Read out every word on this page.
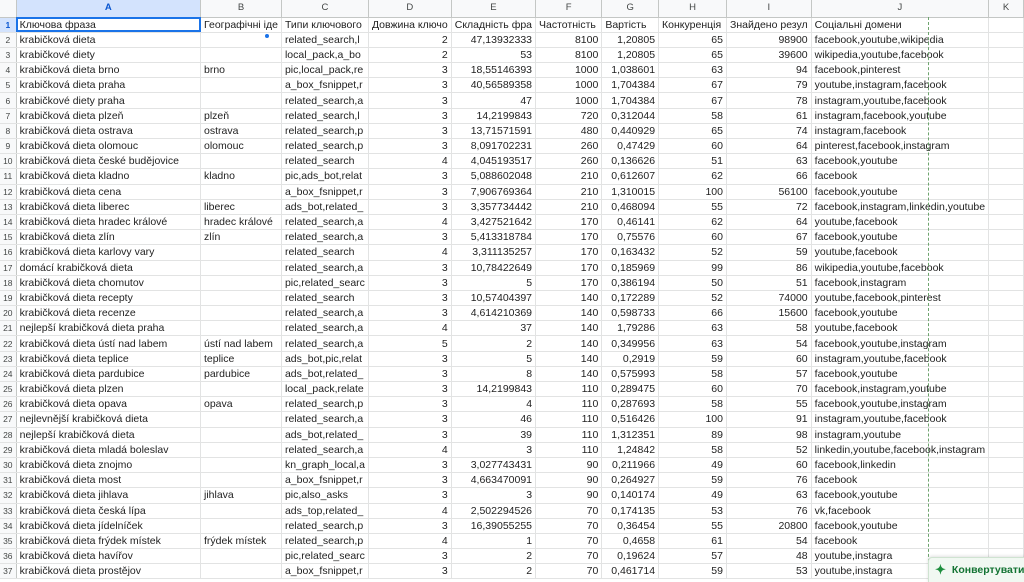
	A	B	C	D	E	F	G	H	I	J	K
1	Ключова фраза	Географічні іде	Типи ключового	Довжина ключо	Складність фра	Частотність	Вартість	Конкуренція	Знайдено резул	Соціальні домени	
2	krabičková dieta		related_search,l	2	47,13932333	8100	1,20805	65	98900	facebook,youtube,wikipedia	
3	krabičkové diety		local_pack,a_bo	2	53	8100	1,20805	65	39600	wikipedia,youtube,facebook	
4	krabičková dieta brno	brno	pic,local_pack,re	3	18,55146393	1000	1,038601	63	94	facebook,pinterest	
5	krabičková dieta praha		a_box_fsnippet,r	3	40,56589358	1000	1,704384	67	79	youtube,instagram,facebook	
6	krabičkové diety praha		related_search,a	3	47	1000	1,704384	67	78	instagram,youtube,facebook	
7	krabičková dieta plzeň	plzeň	related_search,l	3	14,2199843	720	0,312044	58	61	instagram,facebook,youtube	
8	krabičková dieta ostrava	ostrava	related_search,p	3	13,71571591	480	0,440929	65	74	instagram,facebook	
9	krabičková dieta olomouc	olomouc	related_search,p	3	8,091702231	260	0,47429	60	64	pinterest,facebook,instagram	
10	krabičková dieta české budějovice		related_search	4	4,045193517	260	0,136626	51	63	facebook,youtube	
11	krabičková dieta kladno	kladno	pic,ads_bot,relat	3	5,088602048	210	0,612607	62	66	facebook	
12	krabičková dieta cena		a_box_fsnippet,r	3	7,906769364	210	1,310015	100	56100	facebook,youtube	
13	krabičková dieta liberec	liberec	ads_bot,related_	3	3,357734442	210	0,468094	55	72	facebook,instagram,linkedin,youtube	
14	krabičková dieta hradec králové	hradec králové	related_search,a	4	3,427521642	170	0,46141	62	64	youtube,facebook	
15	krabičková dieta zlín	zlín	related_search,a	3	5,413318784	170	0,75576	60	67	facebook,youtube	
16	krabičková dieta karlovy vary		related_search	4	3,311135257	170	0,163432	52	59	youtube,facebook	
17	domácí krabičková dieta		related_search,a	3	10,78422649	170	0,185969	99	86	wikipedia,youtube,facebook	
18	krabičková dieta chomutov		pic,related_searc	3	5	170	0,386194	50	51	facebook,instagram	
19	krabičková dieta recepty		related_search	3	10,57404397	140	0,172289	52	74000	youtube,facebook,pinterest	
20	krabičková dieta recenze		related_search,a	3	4,614210369	140	0,598733	66	15600	facebook,youtube	
21	nejlepší krabičková dieta praha		related_search,a	4	37	140	1,79286	63	58	youtube,facebook	
22	krabičková dieta ústí nad labem	ústí nad labem	related_search,a	5	2	140	0,349956	63	54	facebook,youtube,instagram	
23	krabičková dieta teplice	teplice	ads_bot,pic,relat	3	5	140	0,2919	59	60	instagram,youtube,facebook	
24	krabičková dieta pardubice	pardubice	ads_bot,related_	3	8	140	0,575993	58	57	facebook,youtube	
25	krabičková dieta plzen		local_pack,relate	3	14,2199843	110	0,289475	60	70	facebook,instagram,youtube	
26	krabičková dieta opava	opava	related_search,p	3	4	110	0,287693	58	55	facebook,youtube,instagram	
27	nejlevnější krabičková dieta		related_search,a	3	46	110	0,516426	100	91	instagram,youtube,facebook	
28	nejlepší krabičková dieta		ads_bot,related_	3	39	110	1,312351	89	98	instagram,youtube	
29	krabičková dieta mladá boleslav		related_search,a	4	3	110	1,24842	58	52	linkedin,youtube,facebook,instagram	
30	krabičková dieta znojmo		kn_graph_local,a	3	3,027743431	90	0,211966	49	60	facebook,linkedin	
31	krabičková dieta most		a_box_fsnippet,r	3	4,663470091	90	0,264927	59	76	facebook	
32	krabičková dieta jihlava	jihlava	pic,also_asks	3	3	90	0,140174	49	63	facebook,youtube	
33	krabičková dieta česká lípa		ads_top,related_	4	2,502294526	70	0,174135	53	76	vk,facebook	
34	krabičková dieta jídelníček		related_search,p	3	16,39055255	70	0,36454	55	20800	facebook,youtube	
35	krabičková dieta frýdek místek	frýdek místek	related_search,p	4	1	70	0,4658	61	54	facebook	
36	krabičková dieta havířov		pic,related_searc	3	2	70	0,19624	57	48	youtube,instagra	
37	krabičková dieta prostějov		a_box_fsnippet,r	3	2	70	0,461714	59	53	youtube,instagra		✦ Конвертувати
